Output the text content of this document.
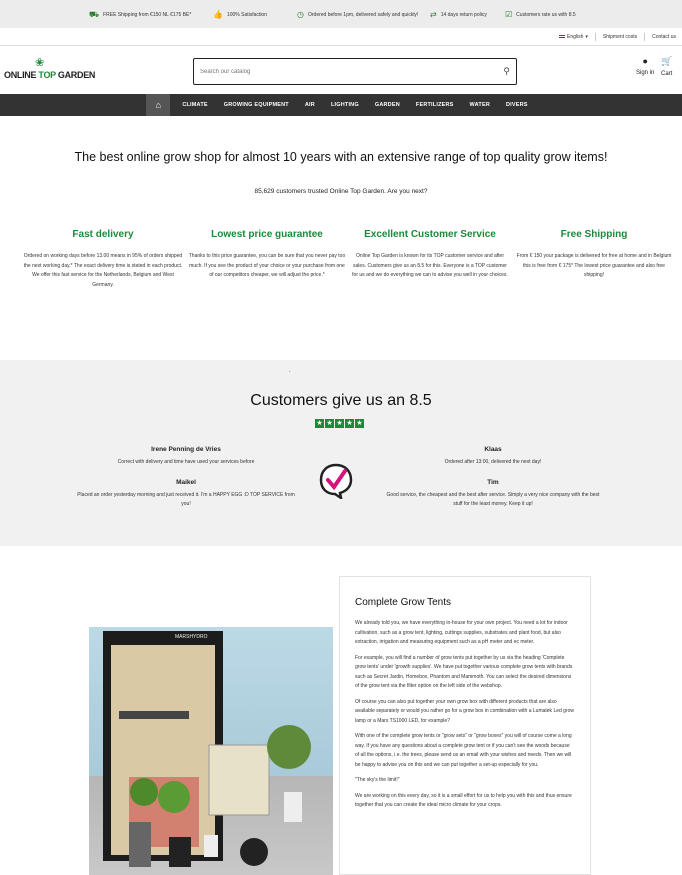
⛟ FREE Shipping from €150 NL €175 BE*	👍 100% Satisfaction	◷ Ordered before 1pm, delivered safely and quickly! ⇄ 14 days return policy ☑ Customers rate us with 8.5
English ▾	Shipment costs	Contact us
❀
ONLINE TOP GARDEN
Search our catalog	⚲
●
Sign in
🛒
Cart
⌂	CLIMATE	GROWING EQUIPMENT	AIR	LIGHTING	GARDEN	FERTILIZERS	WATER	DIVERS
The best online grow shop for almost 10 years with an extensive range of top quality grow items!
85,629 customers trusted Online Top Garden. Are you next?
Fast delivery

Ordered on working days before 13.00 means in 95% of orders shipped the next working day.* The exact delivery time is stated in each product. We offer this fast service for the Netherlands, Belgium and West Germany.

Lowest price guarantee

Thanks to this price guarantee, you can be sure that you never pay too much. If you see the product of your choice or your purchase from one of our competitors cheaper, we will adjust the price.*

Excellent Customer Service

Online Top Garden is known for its TOP customer service and after sales. Customers give us an 8.5 for this. Everyone is a TOP customer for us and we do everything we can to advise you well in your choices.

Free Shipping

From € 150 your package is delivered for free at home and in Belgium this is free from € 175* The lowest price guarantee and also free shipping!

.
Customers give us an 8.5
★ ★ ★ ★ ★
Irene Penning de Vries
Correct with delivery and time have used your services before
Klaas
Ordered after 13:00, delivered the next day!
Maikel
Placed an order yesterday morning and just received it. I'm a HAPPY EGG :D TOP SERVICE from you!
Tim
Good service, the cheapest and the best after service. Simply a very nice company with the best stuff for the least money. Keep it up!
MARSHYDRO
Complete Grow Tents

We already told you, we have everything in-house for your own project. You need a lot for indoor cultivation, such as a grow tent, lighting, cuttings supplies, substrates and plant food, but also extraction, irrigation and measuring equipment such as a pH meter and ec meter.

For example, you will find a number of grow tents put together by us via the heading 'Complete grow tents' under 'growth supplies'. We have put together various complete grow tents with brands such as Secret Jardin, Homebox, Phantom and Mammoth. You can select the desired dimensions of the grow tent via the filter option on the left side of the webshop.

Of course you can also put together your own grow box with different products that are also available separately or would you rather go for a grow box in combination with a Lumatek Led grow lamp or a Mars TS1000 LED, for example?

With one of the complete grow tents or "grow sets" or "grow boxes" you will of course come a long way. If you have any questions about a complete grow tent or if you can't see the woods because of all the options, i.e. the trees, please send us an email with your wishes and needs. Then we will be happy to advise you on this and we can put together a set-up especially for you.

"The sky's the limit!"

We are working on this every day, so it is a small effort for us to help you with this and thus ensure together that you can create the ideal micro climate for your crops.
